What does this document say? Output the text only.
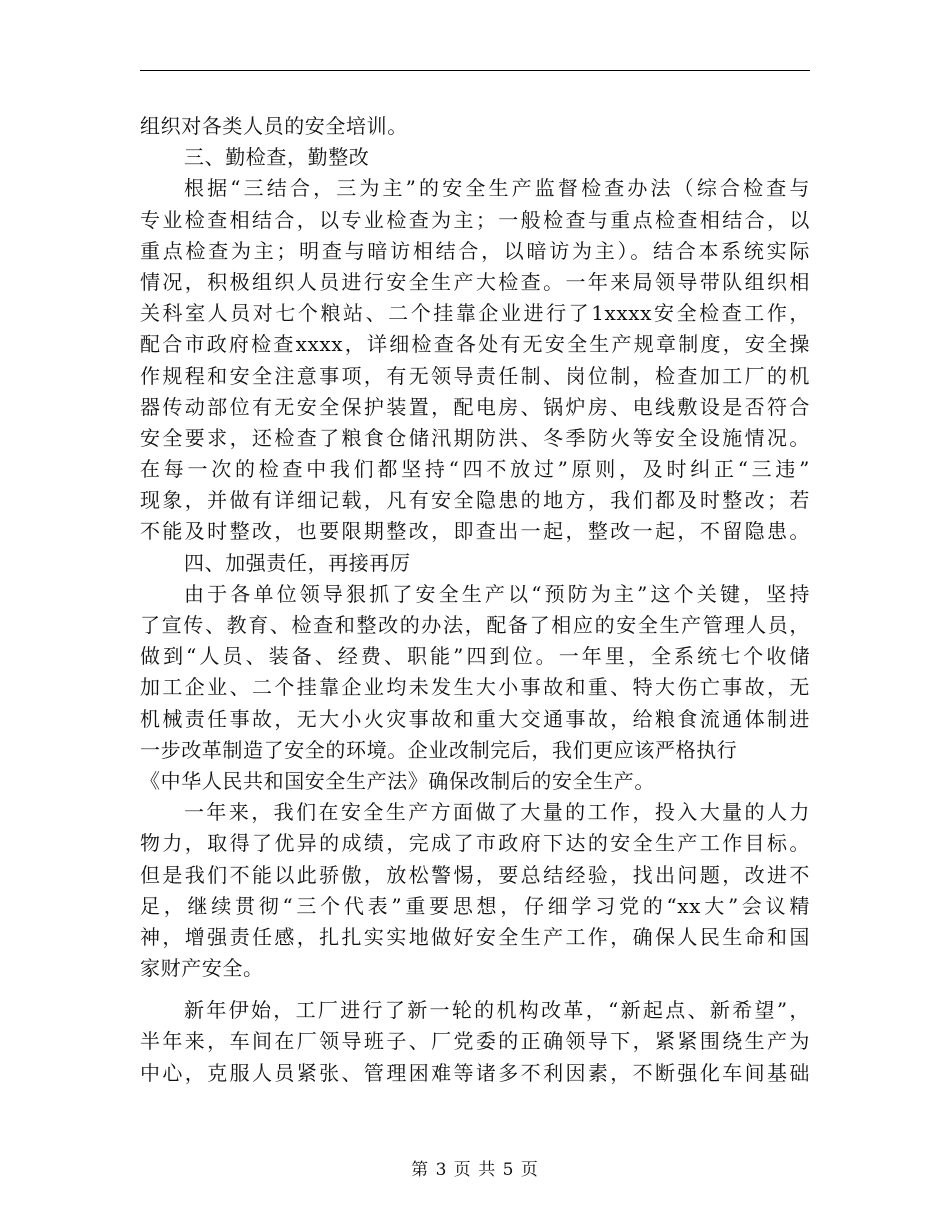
组织对各类人员的安全培训。
三、勤检查，勤整改
根据“三结合，三为主”的安全生产监督检查办法（综合检查与
专业检查相结合，以专业检查为主；一般检查与重点检查相结合，以
重点检查为主；明查与暗访相结合，以暗访为主）。结合本系统实际
情况，积极组织人员进行安全生产大检查。一年来局领导带队组织相
关科室人员对七个粮站、二个挂靠企业进行了1xxxx安全检查工作，
配合市政府检查xxxx，详细检查各处有无安全生产规章制度，安全操
作规程和安全注意事项，有无领导责任制、岗位制，检查加工厂的机
器传动部位有无安全保护装置，配电房、锅炉房、电线敷设是否符合
安全要求，还检查了粮食仓储汛期防洪、冬季防火等安全设施情况。
在每一次的检查中我们都坚持“四不放过”原则，及时纠正“三违”
现象，并做有详细记载，凡有安全隐患的地方，我们都及时整改；若
不能及时整改，也要限期整改，即查出一起，整改一起，不留隐患。
四、加强责任，再接再厉
由于各单位领导狠抓了安全生产以“预防为主”这个关键，坚持
了宣传、教育、检查和整改的办法，配备了相应的安全生产管理人员，
做到“人员、装备、经费、职能”四到位。一年里，全系统七个收储
加工企业、二个挂靠企业均未发生大小事故和重、特大伤亡事故，无
机械责任事故，无大小火灾事故和重大交通事故，给粮食流通体制进
一步改革制造了安全的环境。企业改制完后，我们更应该严格执行
《中华人民共和国安全生产法》确保改制后的安全生产。
一年来，我们在安全生产方面做了大量的工作，投入大量的人力
物力，取得了优异的成绩，完成了市政府下达的安全生产工作目标。
但是我们不能以此骄傲，放松警惕，要总结经验，找出问题，改进不
足，继续贯彻“三个代表”重要思想，仔细学习党的“xx大”会议精
神，增强责任感，扎扎实实地做好安全生产工作，确保人民生命和国
家财产安全。
新年伊始，工厂进行了新一轮的机构改革，“新起点、新希望”，
半年来，车间在厂领导班子、厂党委的正确领导下，紧紧围绕生产为
中心，克服人员紧张、管理困难等诸多不利因素，不断强化车间基础
第 3 页 共 5 页
